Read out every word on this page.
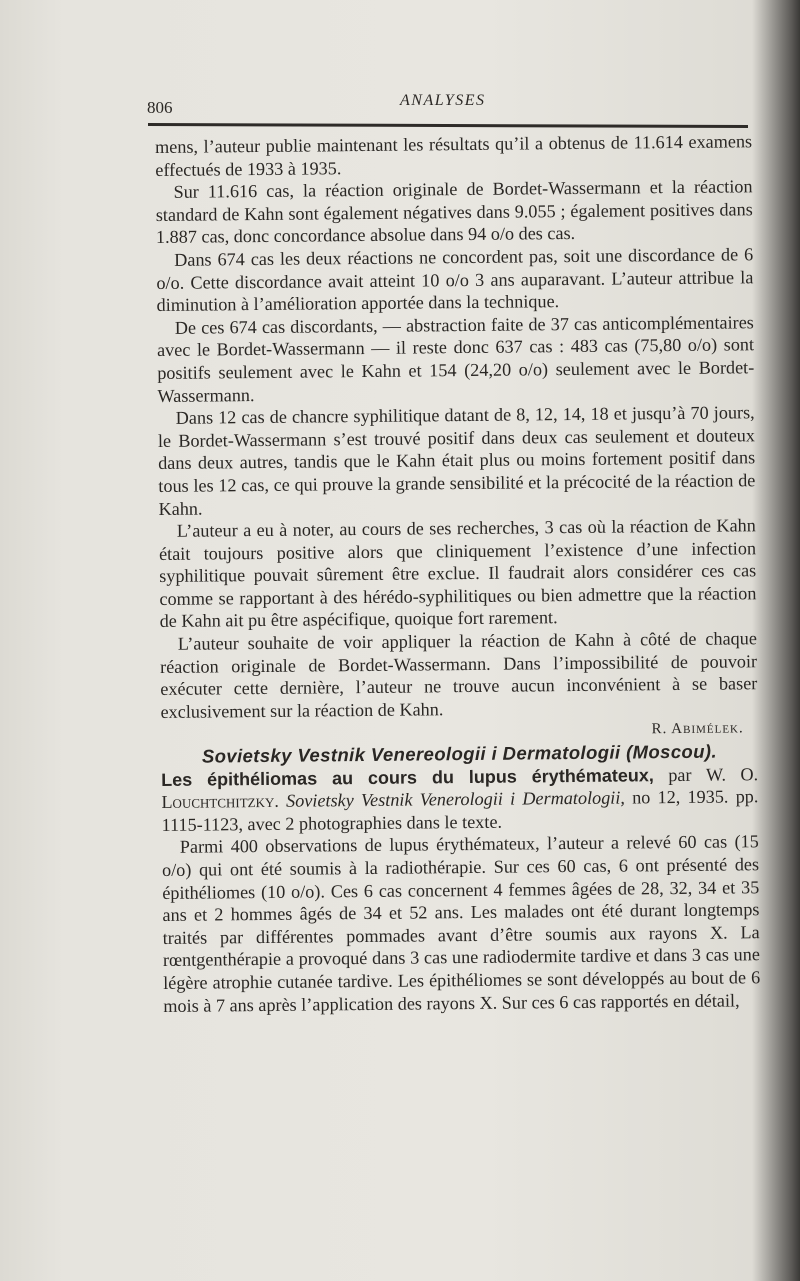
806	ANALYSES

mens, l’auteur publie maintenant les résultats qu’il a obtenus de 11.614 examens effectués de 1933 à 1935.

Sur 11.616 cas, la réaction originale de Bordet-Wassermann et la réaction standard de Kahn sont également négatives dans 9.055 ; également positives dans 1.887 cas, donc concordance absolue dans 94 o/o des cas.

Dans 674 cas les deux réactions ne concordent pas, soit une discordance de 6 o/o. Cette discordance avait atteint 10 o/o 3 ans auparavant. L’auteur attribue la diminution à l’amélioration apportée dans la technique.

De ces 674 cas discordants, — abstraction faite de 37 cas anticomplémentaires avec le Bordet-Wassermann — il reste donc 637 cas : 483 cas (75,80 o/o) sont positifs seulement avec le Kahn et 154 (24,20 o/o) seulement avec le Bordet-Wassermann.

Dans 12 cas de chancre syphilitique datant de 8, 12, 14, 18 et jusqu’à 70 jours, le Bordet-Wassermann s’est trouvé positif dans deux cas seulement et douteux dans deux autres, tandis que le Kahn était plus ou moins fortement positif dans tous les 12 cas, ce qui prouve la grande sensibilité et la précocité de la réaction de Kahn.

L’auteur a eu à noter, au cours de ses recherches, 3 cas où la réaction de Kahn était toujours positive alors que cliniquement l’existence d’une infection syphilitique pouvait sûrement être exclue. Il faudrait alors considérer ces cas comme se rapportant à des hérédo-syphilitiques ou bien admettre que la réaction de Kahn ait pu être aspécifique, quoique fort rarement.

L’auteur souhaite de voir appliquer la réaction de Kahn à côté de chaque réaction originale de Bordet-Wassermann. Dans l’impossibilité de pouvoir exécuter cette dernière, l’auteur ne trouve aucun inconvénient à se baser exclusivement sur la réaction de Kahn.

R. Abimélek.

Sovietsky Vestnik Venereologii i Dermatologii (Moscou).

Les épithéliomas au cours du lupus érythémateux, par W. O. Louchtchitzky. Sovietsky Vestnik Venerologii i Dermatologii, no 12, 1935. pp. 1115-1123, avec 2 photographies dans le texte.

Parmi 400 observations de lupus érythémateux, l’auteur a relevé 60 cas (15 o/o) qui ont été soumis à la radiothérapie. Sur ces 60 cas, 6 ont présenté des épithéliomes (10 o/o). Ces 6 cas concernent 4 femmes âgées de 28, 32, 34 et 35 ans et 2 hommes âgés de 34 et 52 ans. Les malades ont été durant longtemps traités par différentes pommades avant d’être soumis aux rayons X. La rœntgenthérapie a provoqué dans 3 cas une radiodermite tardive et dans 3 cas une légère atrophie cutanée tardive. Les épithéliomes se sont développés au bout de 6 mois à 7 ans après l’application des rayons X. Sur ces 6 cas rapportés en détail,
